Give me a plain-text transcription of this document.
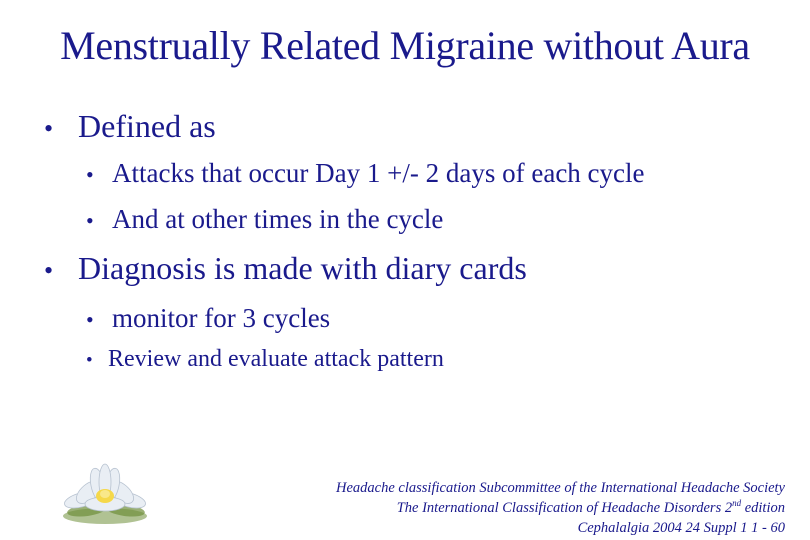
Menstrually Related Migraine without Aura
• Defined as
• Attacks that occur Day 1 +/- 2 days of each cycle
• And at other times in the cycle
• Diagnosis is made with diary cards
• monitor for 3 cycles
• Review and evaluate attack pattern
Headache classification Subcommittee of the International Headache Society
The International Classification of Headache Disorders 2nd edition
Cephalalgia 2004 24 Suppl 1 1 - 60
